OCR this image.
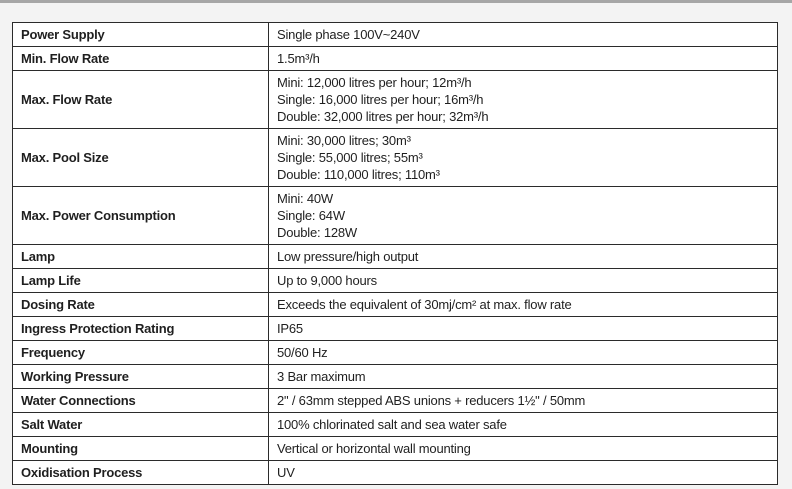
Power Supply	Single phase 100V~240V

Min. Flow Rate	1.5m³/h

Max. Flow Rate	Mini: 12,000 litres per hour; 12m³/h
Single: 16,000 litres per hour; 16m³/h
Double: 32,000 litres per hour; 32m³/h

Max. Pool Size	Mini: 30,000 litres; 30m³
Single: 55,000 litres; 55m³
Double: 110,000 litres; 110m³

Max. Power Consumption	Mini: 40W
Single: 64W
Double: 128W

Lamp	Low pressure/high output

Lamp Life	Up to 9,000 hours

Dosing Rate	Exceeds the equivalent of 30mj/cm² at max. flow rate

Ingress Protection Rating	IP65

Frequency	50/60 Hz

Working Pressure	3 Bar maximum

Water Connections	2" / 63mm stepped ABS unions + reducers 1½" / 50mm

Salt Water	100% chlorinated salt and sea water safe

Mounting	Vertical or horizontal wall mounting

Oxidisation Process	UV
